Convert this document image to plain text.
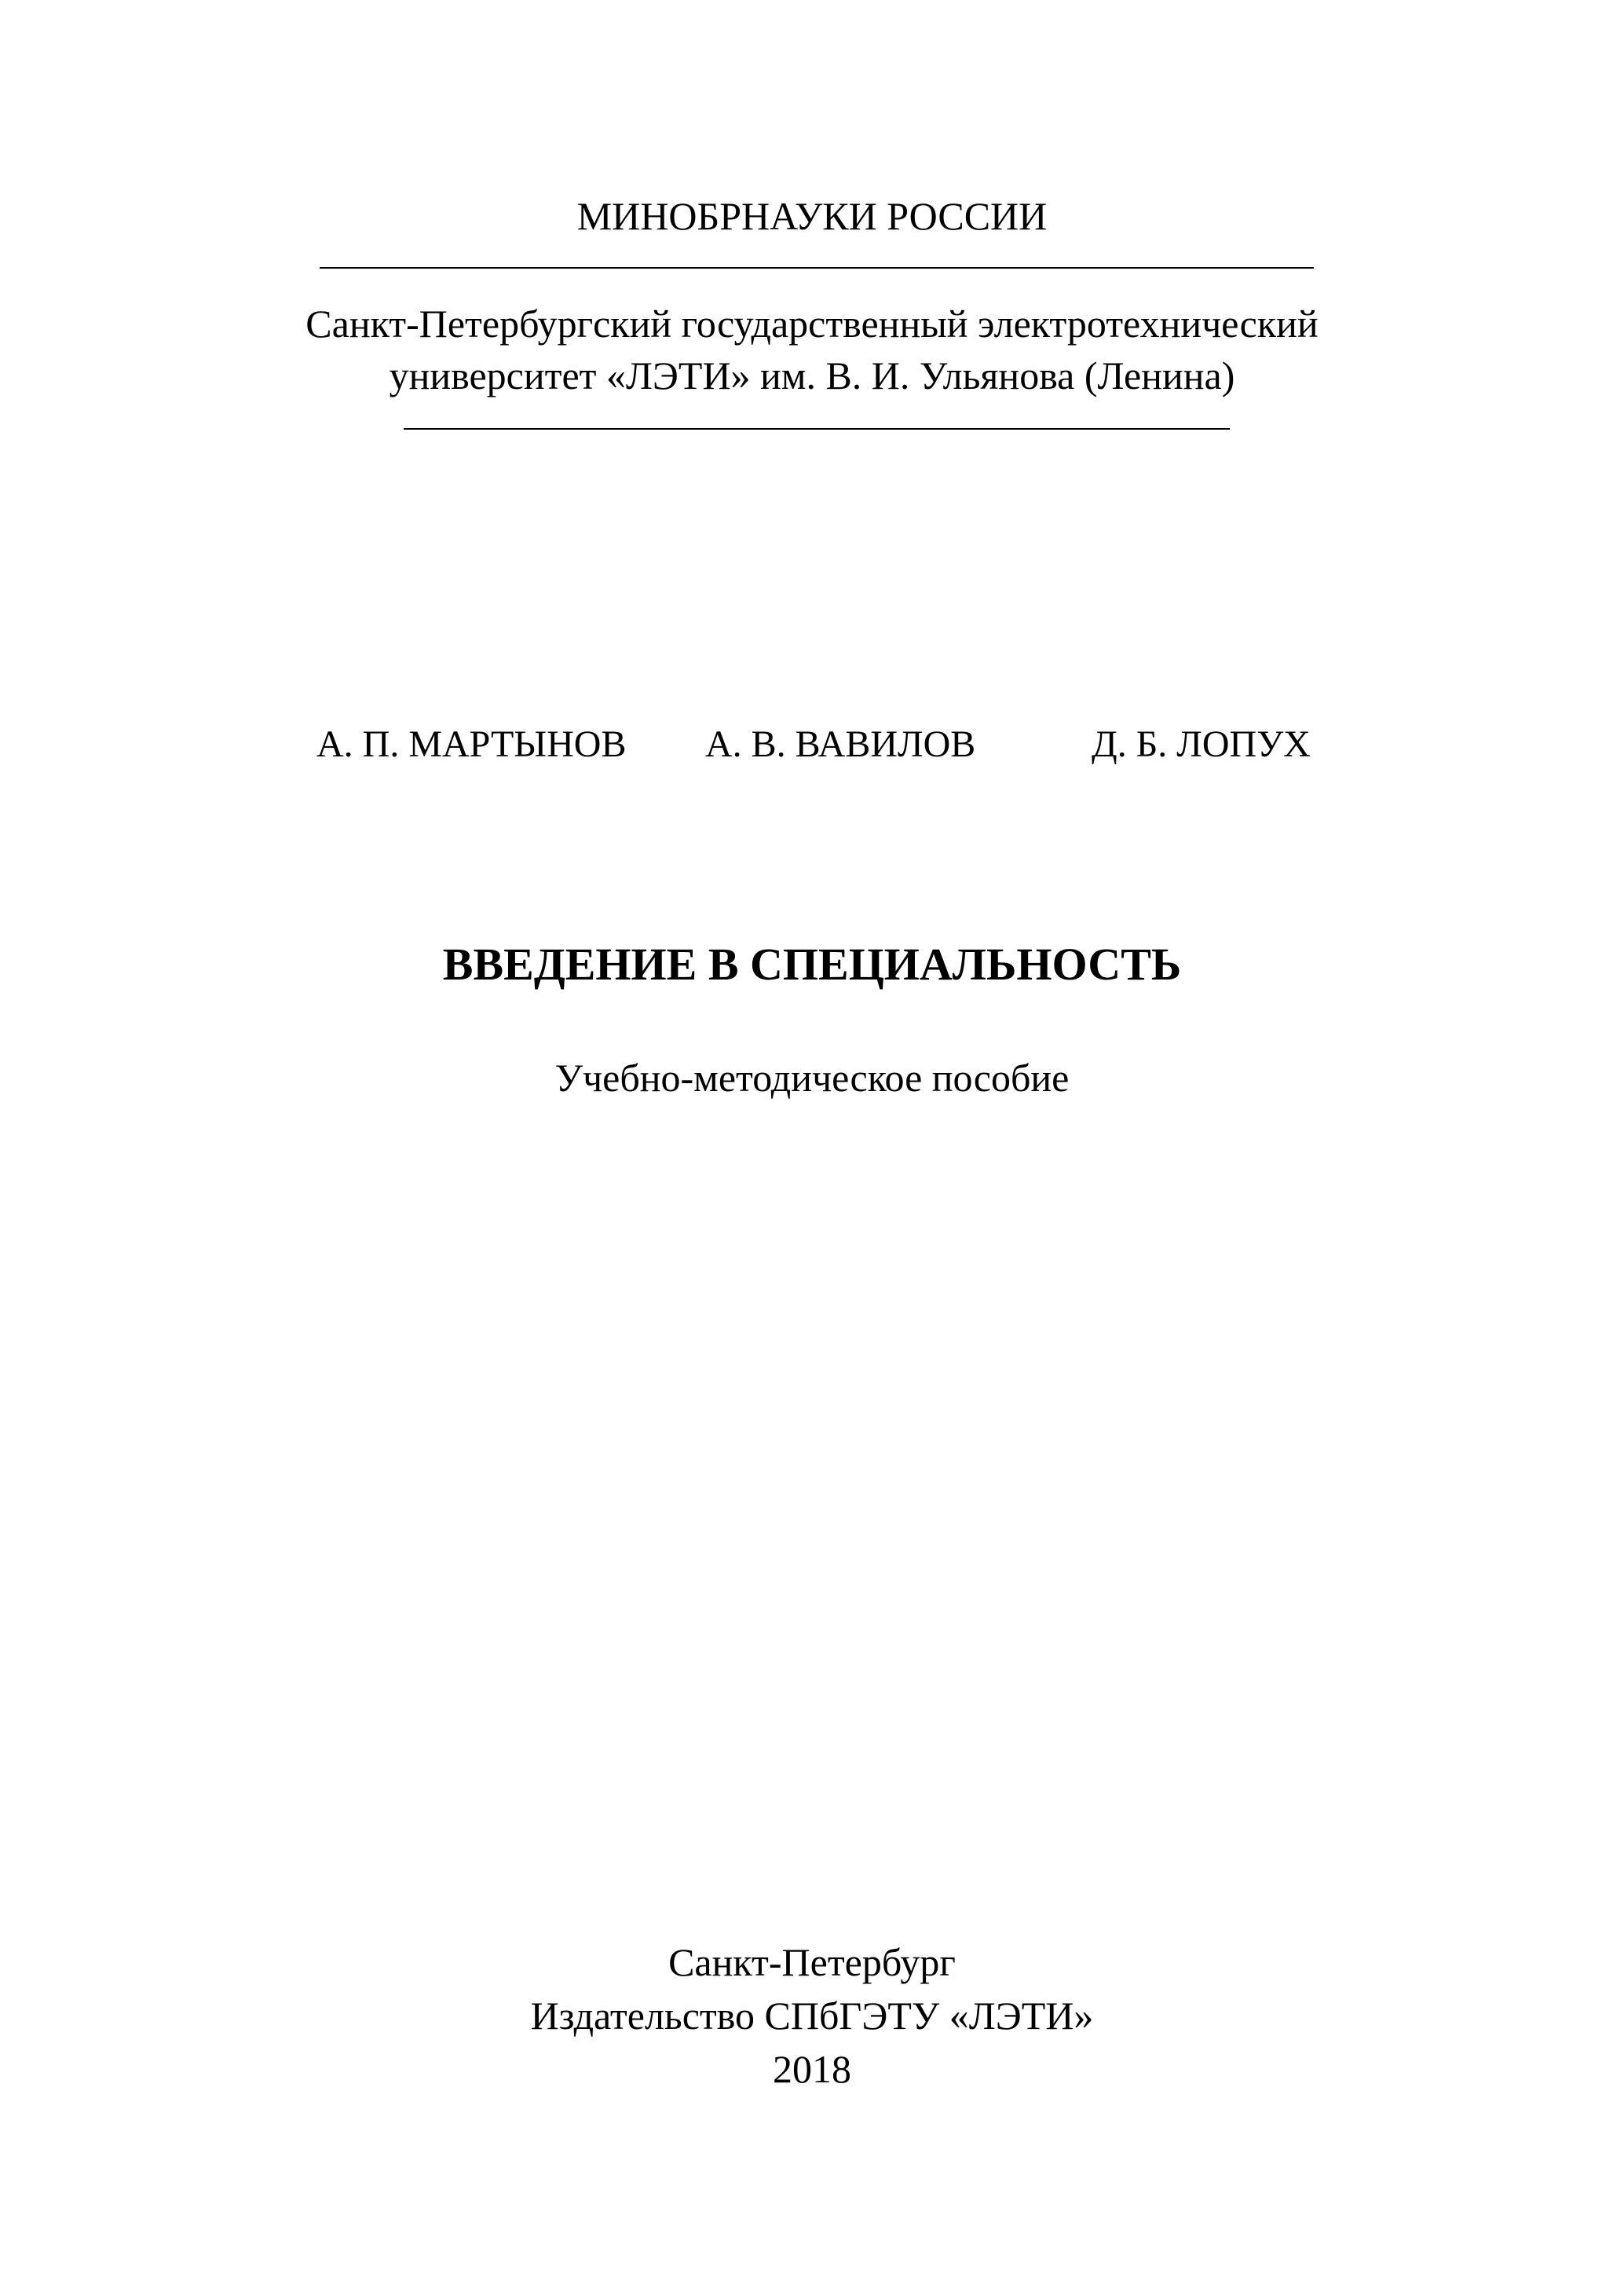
МИНОБРНАУКИ РОССИИ
Санкт-Петербургский государственный электротехнический
университет «ЛЭТИ» им. В. И. Ульянова (Ленина)
А. П. МАРТЫНОВ А. В. ВАВИЛОВ	Д. Б. ЛОПУХ
ВВЕДЕНИЕ В СПЕЦИАЛЬНОСТЬ
Учебно-методическое пособие
Санкт-Петербург
Издательство СПбГЭТУ «ЛЭТИ»
2018
